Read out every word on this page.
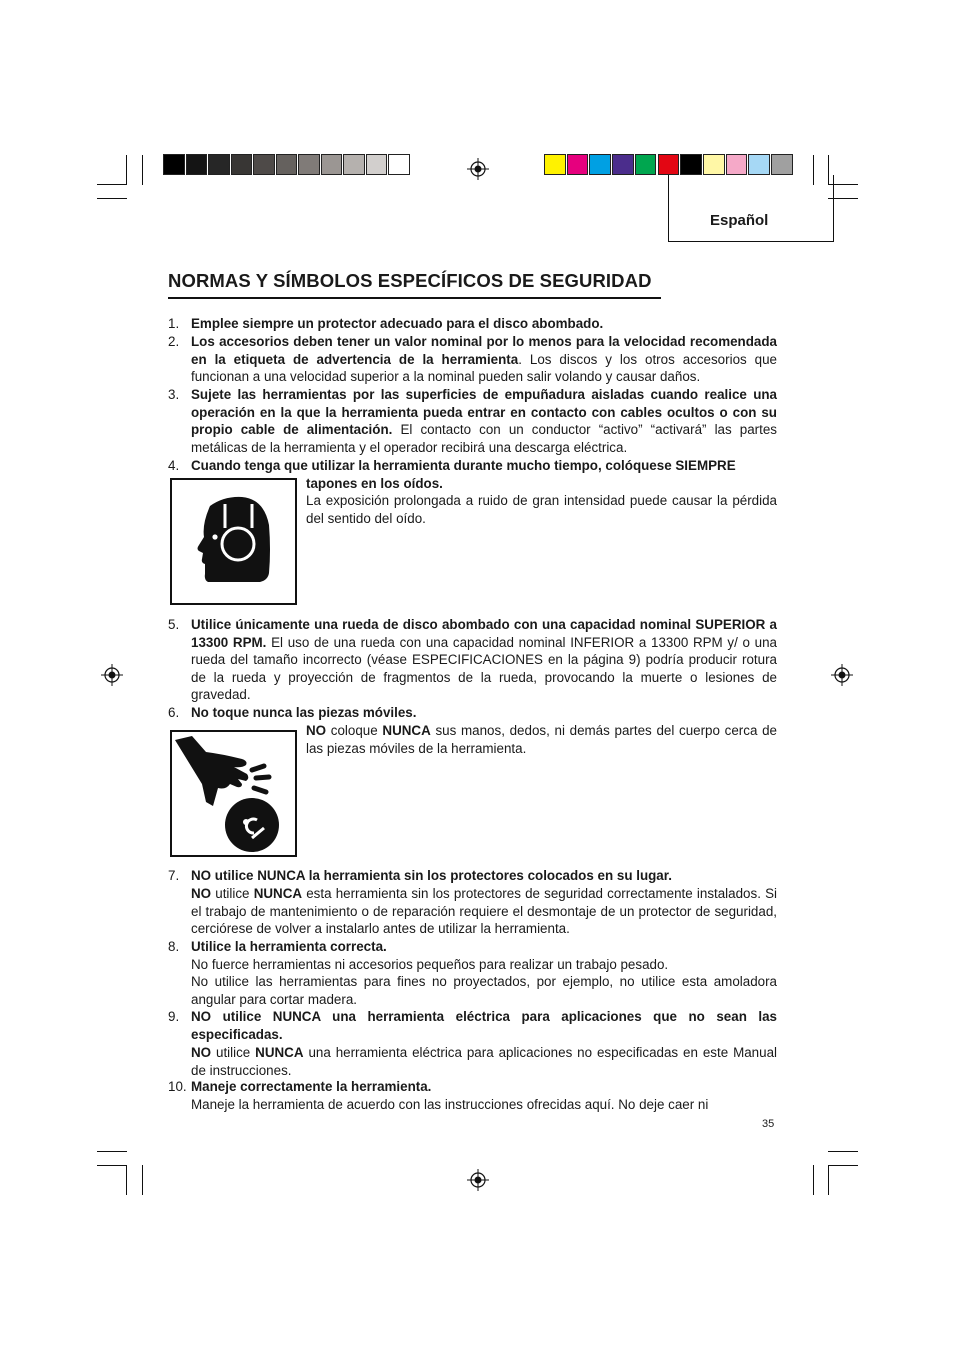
Español
NORMAS Y SÍMBOLOS ESPECÍFICOS DE SEGURIDAD
1. Emplee siempre un protector adecuado para el disco abombado.
2. Los accesorios deben tener un valor nominal por lo menos para la velocidad recomendada en la etiqueta de advertencia de la herramienta. Los discos y los otros accesorios que funcionan a una velocidad superior a la nominal pueden salir volando y causar daños.
3. Sujete las herramientas por las superficies de empuñadura aisladas cuando realice una operación en la que la herramienta pueda entrar en contacto con cables ocultos o con su propio cable de alimentación. El contacto con un conductor “activo” “activará” las partes metálicas de la herramienta y el operador recibirá una descarga eléctrica.
4. Cuando tenga que utilizar la herramienta durante mucho tiempo, colóquese SIEMPRE
tapones en los oídos.
La exposición prolongada a ruido de gran intensidad puede causar la pérdida del sentido del oído.
5. Utilice únicamente una rueda de disco abombado con una capacidad nominal SUPERIOR a 13300 RPM. El uso de una rueda con una capacidad nominal INFERIOR a 13300 RPM y/ o una rueda del tamaño incorrecto (véase ESPECIFICACIONES en la página 9) podría producir rotura de la rueda y proyección de fragmentos de la rueda, provocando la muerte o lesiones de gravedad.
6. No toque nunca las piezas móviles.
NO coloque NUNCA sus manos, dedos, ni demás partes del cuerpo cerca de las piezas móviles de la herramienta.
7. NO utilice NUNCA la herramienta sin los protectores colocados en su lugar.
NO utilice NUNCA esta herramienta sin los protectores de seguridad correctamente instalados. Si el trabajo de mantenimiento o de reparación requiere el desmontaje de un protector de seguridad, cerciórese de volver a instalarlo antes de utilizar la herramienta.
8. Utilice la herramienta correcta.
No fuerce herramientas ni accesorios pequeños para realizar un trabajo pesado.
No utilice las herramientas para fines no proyectados, por ejemplo, no utilice esta amoladora angular para cortar madera.
9. NO utilice NUNCA una herramienta eléctrica para aplicaciones que no sean las especificadas.
NO utilice NUNCA una herramienta eléctrica para aplicaciones no especificadas en este Manual de instrucciones.
10. Maneje correctamente la herramienta.
Maneje la herramienta de acuerdo con las instrucciones ofrecidas aquí. No deje caer ni
35
